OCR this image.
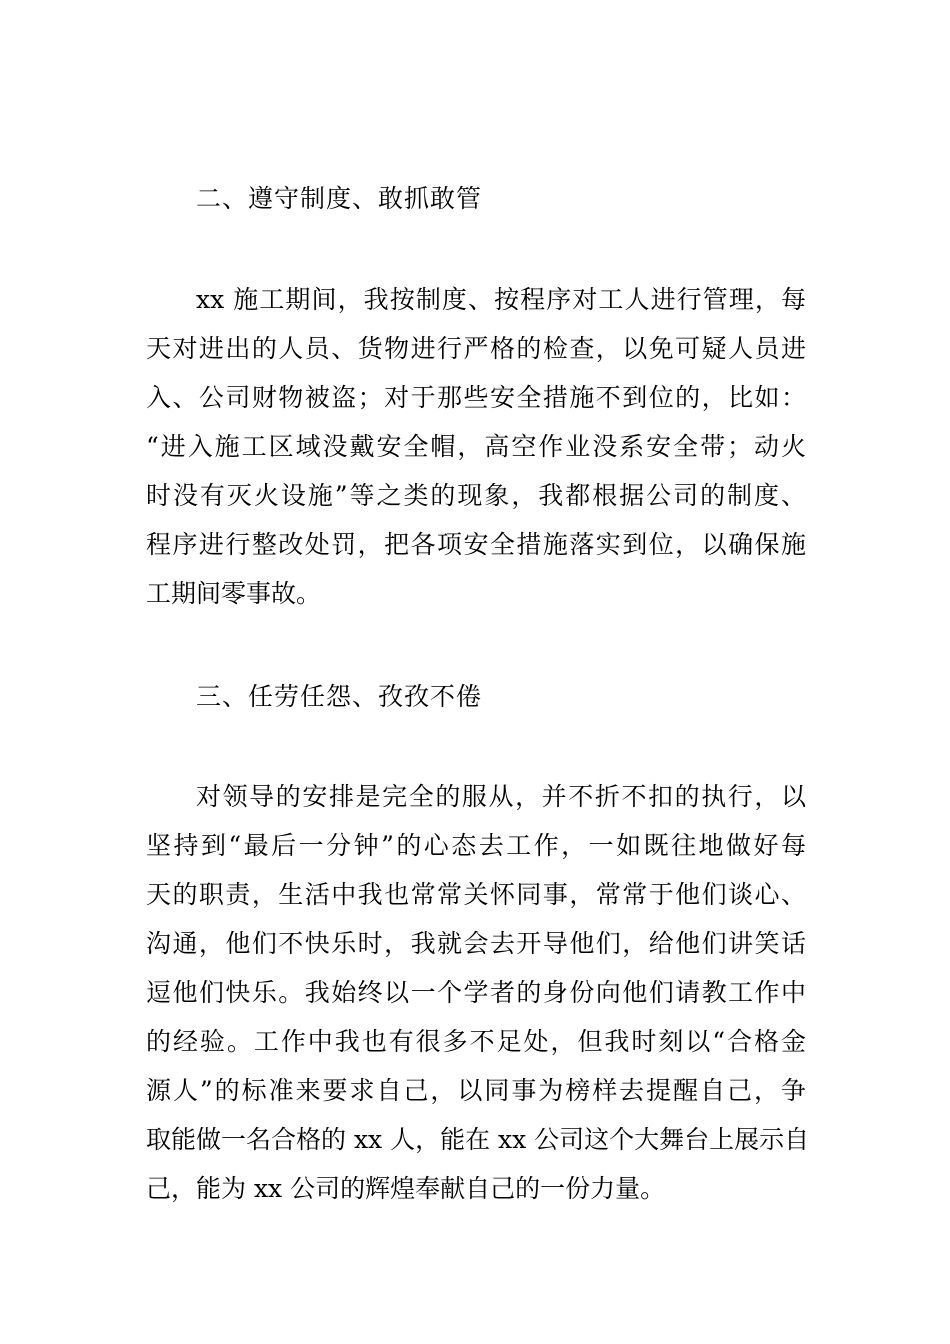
二、遵守制度、敢抓敢管
xx 施工期间，我按制度、按程序对工人进行管理，每
天对进出的人员、货物进行严格的检查，以免可疑人员进
入、公司财物被盗；对于那些安全措施不到位的，比如：
“进入施工区域没戴安全帽，高空作业没系安全带；动火
时没有灭火设施”等之类的现象，我都根据公司的制度、
程序进行整改处罚，把各项安全措施落实到位，以确保施
工期间零事故。
三、任劳任怨、孜孜不倦
对领导的安排是完全的服从，并不折不扣的执行，以
坚持到“最后一分钟”的心态去工作，一如既往地做好每
天的职责，生活中我也常常关怀同事，常常于他们谈心、
沟通，他们不快乐时，我就会去开导他们，给他们讲笑话
逗他们快乐。我始终以一个学者的身份向他们请教工作中
的经验。工作中我也有很多不足处，但我时刻以“合格金
源人”的标准来要求自己，以同事为榜样去提醒自己，争
取能做一名合格的 xx 人，能在 xx 公司这个大舞台上展示自
己，能为 xx 公司的辉煌奉献自己的一份力量。
